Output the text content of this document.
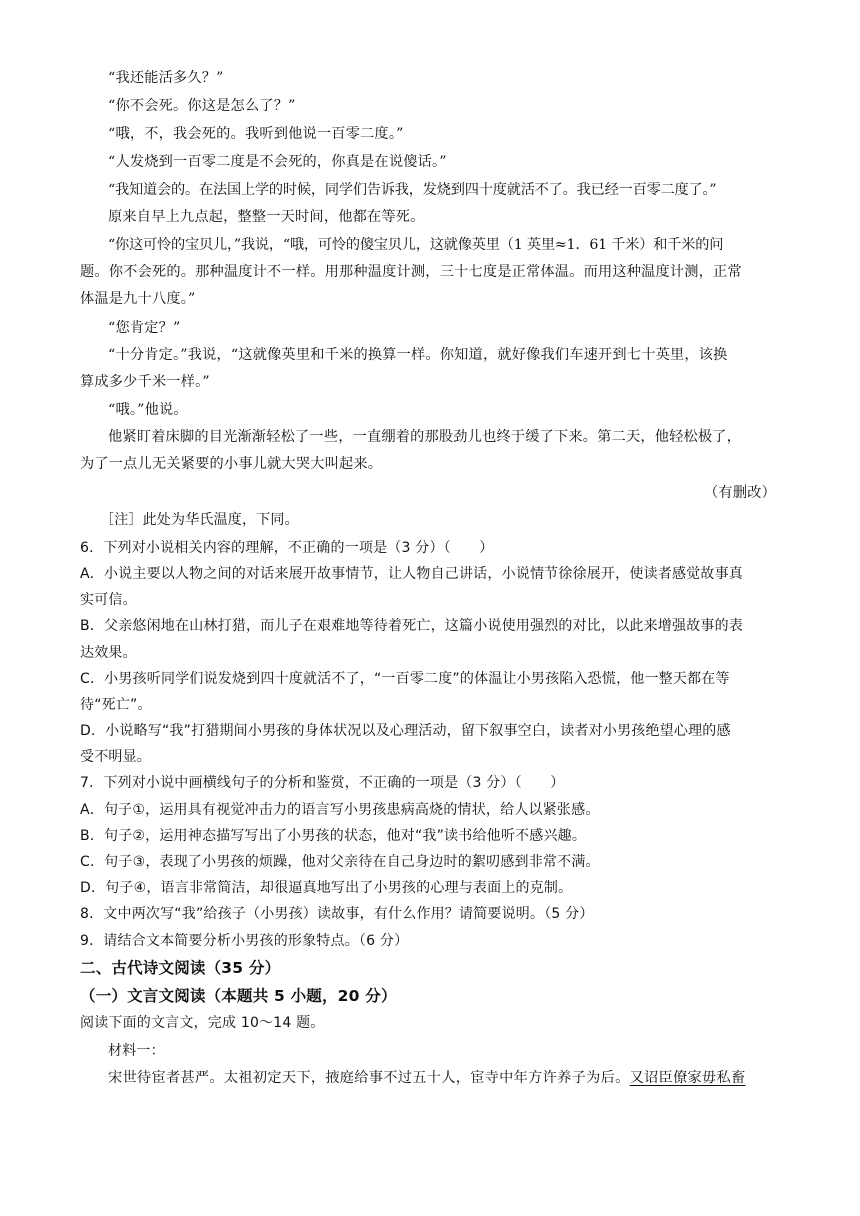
“我还能活多久？”
“你不会死。你这是怎么了？”
“哦，不，我会死的。我听到他说一百零二度。”
“人发烧到一百零二度是不会死的，你真是在说傻话。”
“我知道会的。在法国上学的时候，同学们告诉我，发烧到四十度就活不了。我已经一百零二度了。”
原来自早上九点起，整整一天时间，他都在等死。
“你这可怜的宝贝儿，”我说，“哦，可怜的傻宝贝儿，这就像英里（1 英里≈1．61 千米）和千米的问
题。你不会死的。那种温度计不一样。用那种温度计测，三十七度是正常体温。而用这种温度计测，正常
体温是九十八度。”
“您肯定？”
“十分肯定。”我说，“这就像英里和千米的换算一样。你知道，就好像我们车速开到七十英里，该换
算成多少千米一样。”
“哦。”他说。
他紧盯着床脚的目光渐渐轻松了一些，一直绷着的那股劲儿也终于缓了下来。第二天，他轻松极了，
为了一点儿无关紧要的小事儿就大哭大叫起来。
（有删改）
［注］此处为华氏温度，下同。
6．下列对小说相关内容的理解，不正确的一项是（3 分）（　　）
A．小说主要以人物之间的对话来展开故事情节，让人物自己讲话，小说情节徐徐展开，使读者感觉故事真
实可信。
B．父亲悠闲地在山林打猎，而儿子在艰难地等待着死亡，这篇小说使用强烈的对比，以此来增强故事的表
达效果。
C．小男孩听同学们说发烧到四十度就活不了，“一百零二度”的体温让小男孩陷入恐慌，他一整天都在等
待“死亡”。
D．小说略写“我”打猎期间小男孩的身体状况以及心理活动，留下叙事空白，读者对小男孩绝望心理的感
受不明显。
7．下列对小说中画横线句子的分析和鉴赏，不正确的一项是（3 分）（　　）
A．句子①，运用具有视觉冲击力的语言写小男孩患病高烧的情状，给人以紧张感。
B．句子②，运用神态描写写出了小男孩的状态，他对“我”读书给他听不感兴趣。
C．句子③，表现了小男孩的烦躁，他对父亲待在自己身边时的絮叨感到非常不满。
D．句子④，语言非常简洁，却很逼真地写出了小男孩的心理与表面上的克制。
8．文中两次写“我”给孩子（小男孩）读故事，有什么作用？请简要说明。（5 分）
9．请结合文本简要分析小男孩的形象特点。（6 分）
二、古代诗文阅读（35 分）
（一）文言文阅读（本题共 5 小题，20 分）
阅读下面的文言文，完成 10～14 题。
材料一：
宋世待宦者甚严。太祖初定天下，掖庭给事不过五十人，宦寺中年方许养子为后。又诏臣僚家毋私畜
